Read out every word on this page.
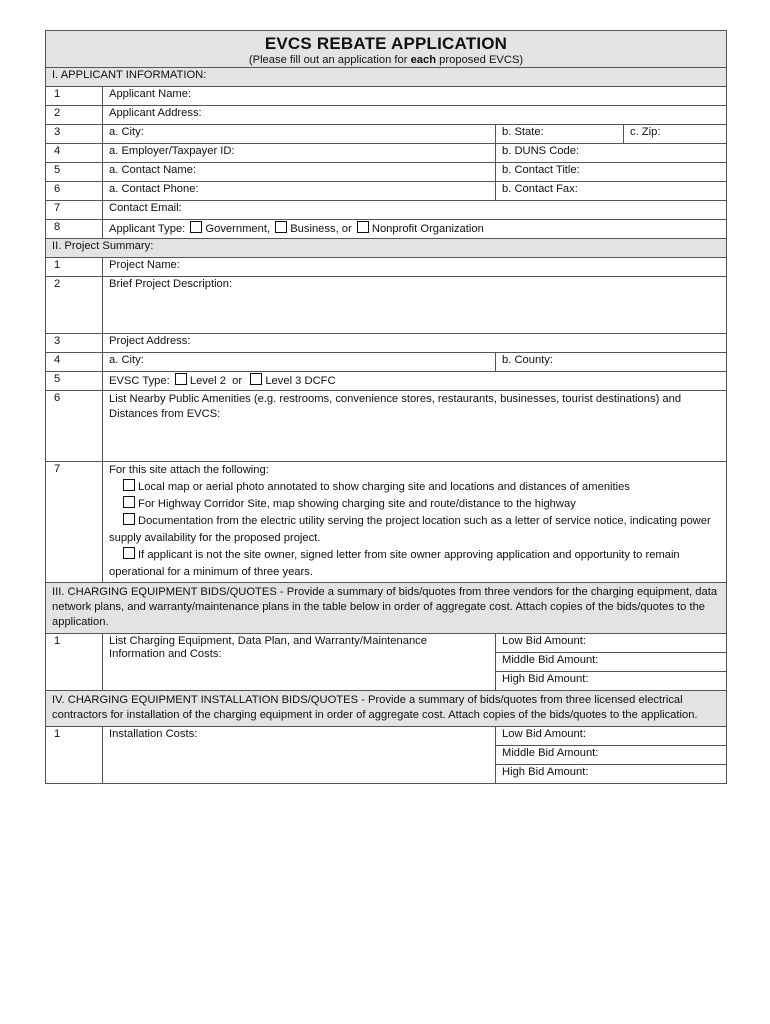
EVCS REBATE APPLICATION
(Please fill out an application for each proposed EVCS)			

I. APPLICANT INFORMATION:			
1	Applicant Name:		
2	Applicant Address:		
3	a. City:	b. State:	c. Zip:
4	a. Employer/Taxpayer ID:	b. DUNS Code:	
5	a. Contact Name:	b. Contact Title:	
6	a. Contact Phone:	b. Contact Fax:	
7	Contact Email:		
8	Applicant Type: Government, Business, or Nonprofit Organization		
II. Project Summary:			
1	Project Name:		
2	Brief Project Description:		
3	Project Address:		
4	a. City:	b. County:	
5	EVSC Type: Level 2 or Level 3 DCFC		
6	List Nearby Public Amenities (e.g. restrooms, convenience stores, restaurants, businesses, tourist destinations) and Distances from EVCS:		

7	For this site attach the following:
Local map or aerial photo annotated to show charging site and locations and distances of amenities
For Highway Corridor Site, map showing charging site and route/distance to the highway
Documentation from the electric utility serving the project location such as a letter of service notice, indicating power supply availability for the proposed project.
If applicant is not the site owner, signed letter from site owner approving application and opportunity to remain operational for a minimum of three years.		

III. CHARGING EQUIPMENT BIDS/QUOTES - Provide a summary of bids/quotes from three vendors for the charging equipment, data network plans, and warranty/maintenance plans in the table below in order of aggregate cost. Attach copies of the bids/quotes to the application.			
1	List Charging Equipment, Data Plan, and Warranty/Maintenance Information and Costs:	Low Bid Amount:	
		Middle Bid Amount:	
		High Bid Amount:	
IV. CHARGING EQUIPMENT INSTALLATION BIDS/QUOTES - Provide a summary of bids/quotes from three licensed electrical contractors for installation of the charging equipment in order of aggregate cost. Attach copies of the bids/quotes to the application.			
1	Installation Costs:	Low Bid Amount:	
		Middle Bid Amount:	
		High Bid Amount:	
